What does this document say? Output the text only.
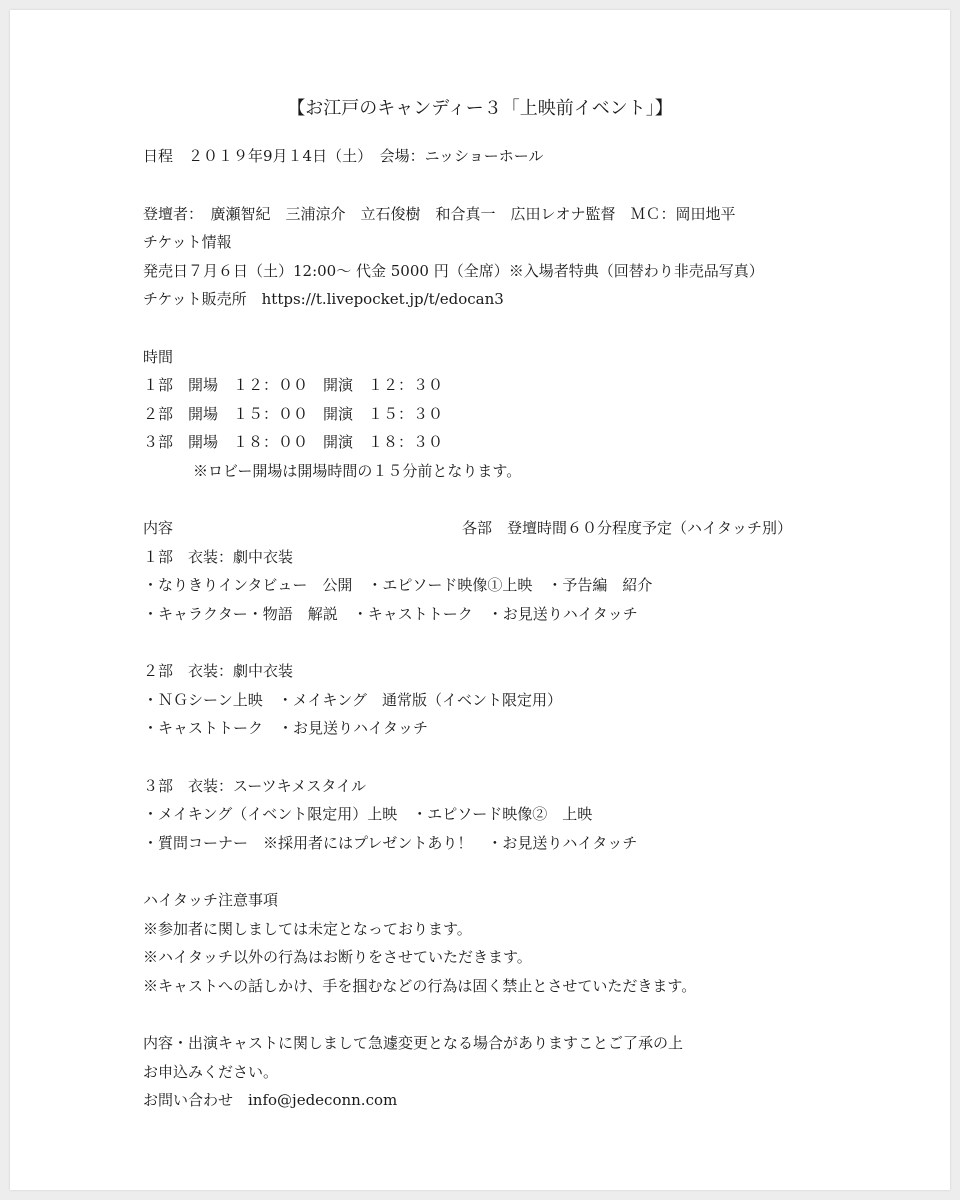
【お江戸のキャンディー３「上映前イベント」】
日程　２０１９年9月１4日（土）　会場：ニッショーホール
登壇者：　廣瀬智紀　三浦涼介　立石俊樹　和合真一　広田レオナ監督　ＭＣ：岡田地平
チケット情報
発売日７月６日（土）12:00～ 代金 5000 円（全席）※入場者特典（回替わり非売品写真）
チケット販売所　https://t.livepocket.jp/t/edocan3
時間
１部　開場　１２：００　開演　１２：３０
２部　開場　１５：００　開演　１５：３０
３部　開場　１８：００　開演　１８：３０
※ロビー開場は開場時間の１５分前となります。
内容	各部　登壇時間６０分程度予定（ハイタッチ別）
１部　衣装：劇中衣装
・なりきりインタビュー　公開　・エピソード映像①上映　・予告編　紹介
・キャラクター・物語　解説　・キャストトーク　・お見送りハイタッチ
２部　衣装：劇中衣装
・ＮＧシーン上映　・メイキング　通常版（イベント限定用）
・キャストトーク　・お見送りハイタッチ
３部　衣装：スーツキメスタイル
・メイキング（イベント限定用）上映　・エピソード映像②　上映
・質問コーナー　※採用者にはプレゼントあり！　・お見送りハイタッチ
ハイタッチ注意事項
※参加者に関しましては未定となっております。
※ハイタッチ以外の行為はお断りをさせていただきます。
※キャストへの話しかけ、手を掴むなどの行為は固く禁止とさせていただきます。
内容・出演キャストに関しまして急遽変更となる場合がありますことご了承の上
お申込みください。
お問い合わせ　info@jedeconn.com
